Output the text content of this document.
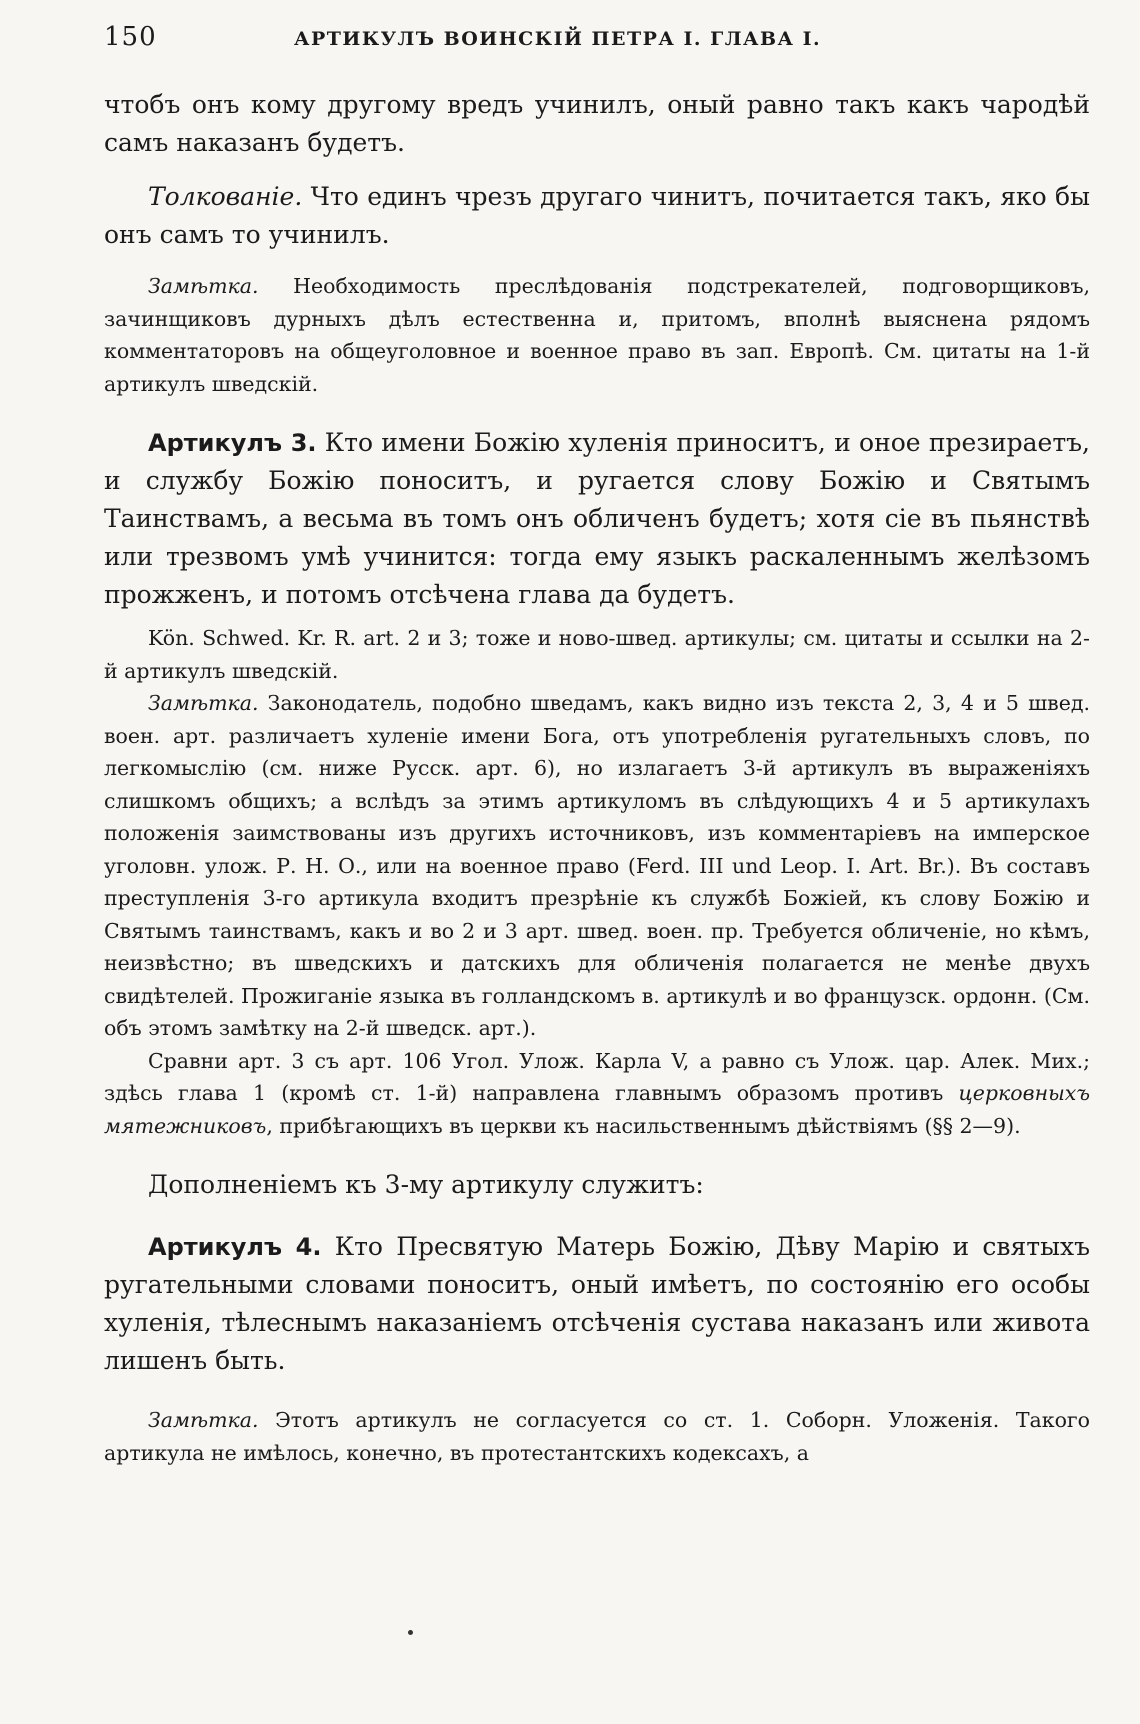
150	АРТИКУЛЪ ВОИНСКІЙ ПЕТРА І. ГЛАВА І.

чтобъ онъ кому другому вредъ учинилъ, оный равно такъ какъ чародѣй самъ наказанъ будетъ.

Толкованіе. Что единъ чрезъ другаго чинитъ, почитается такъ, яко бы онъ самъ то учинилъ.

Замѣтка. Необходимость преслѣдованія подстрекателей, подговорщиковъ, зачинщиковъ дурныхъ дѣлъ естественна и, притомъ, вполнѣ выяснена рядомъ комментаторовъ на общеуголовное и военное право въ зап. Европѣ. См. цитаты на 1-й артикулъ шведскій.

Артикулъ 3. Кто имени Божію хуленія приноситъ, и оное презираетъ, и службу Божію поноситъ, и ругается слову Божію и Святымъ Таинствамъ, а весьма въ томъ онъ обличенъ будетъ; хотя сіе въ пьянствѣ или трезвомъ умѣ учинится: тогда ему языкъ раскаленнымъ желѣзомъ прожженъ, и потомъ отсѣчена глава да будетъ.

Kön. Schwed. Kr. R. art. 2 и 3; тоже и ново-швед. артикулы; см. цитаты и ссылки на 2-й артикулъ шведскій.

Замѣтка. Законодатель, подобно шведамъ, какъ видно изъ текста 2, 3, 4 и 5 швед. воен. арт. различаетъ хуленіе имени Бога, отъ употребленія ругательныхъ словъ, по легкомыслію (см. ниже Русск. арт. 6), но излагаетъ 3-й артикулъ въ выраженіяхъ слишкомъ общихъ; а вслѣдъ за этимъ артикуломъ въ слѣдующихъ 4 и 5 артикулахъ положенія заимствованы изъ другихъ источниковъ, изъ комментаріевъ на имперское уголовн. улож. Р. Н. О., или на военное право (Ferd. III und Leop. I. Art. Br.). Въ составъ преступленія 3-го артикула входитъ презрѣніе къ службѣ Божіей, къ слову Божію и Святымъ таинствамъ, какъ и во 2 и 3 арт. швед. воен. пр. Требуется обличеніе, но кѣмъ, неизвѣстно; въ шведскихъ и датскихъ для обличенія полагается не менѣе двухъ свидѣтелей. Прожиганіе языка въ голландскомъ в. артикулѣ и во французск. ордонн. (См. объ этомъ замѣтку на 2-й шведск. арт.).

Сравни арт. 3 съ арт. 106 Угол. Улож. Карла V, а равно съ Улож. цар. Алек. Мих.; здѣсь глава 1 (кромѣ ст. 1-й) направлена главнымъ образомъ противъ церковныхъ мятежниковъ, прибѣгающихъ въ церкви къ насильственнымъ дѣйствіямъ (§§ 2—9).

Дополненіемъ къ 3-му артикулу служитъ:

Артикулъ 4. Кто Пресвятую Матерь Божію, Дѣву Марію и святыхъ ругательными словами поноситъ, оный имѣетъ, по состоянію его особы хуленія, тѣлеснымъ наказаніемъ отсѣченія сустава наказанъ или живота лишенъ быть.

Замѣтка. Этотъ артикулъ не согласуется со ст. 1. Соборн. Уложенія. Такого артикула не имѣлось, конечно, въ протестантскихъ кодексахъ, а
